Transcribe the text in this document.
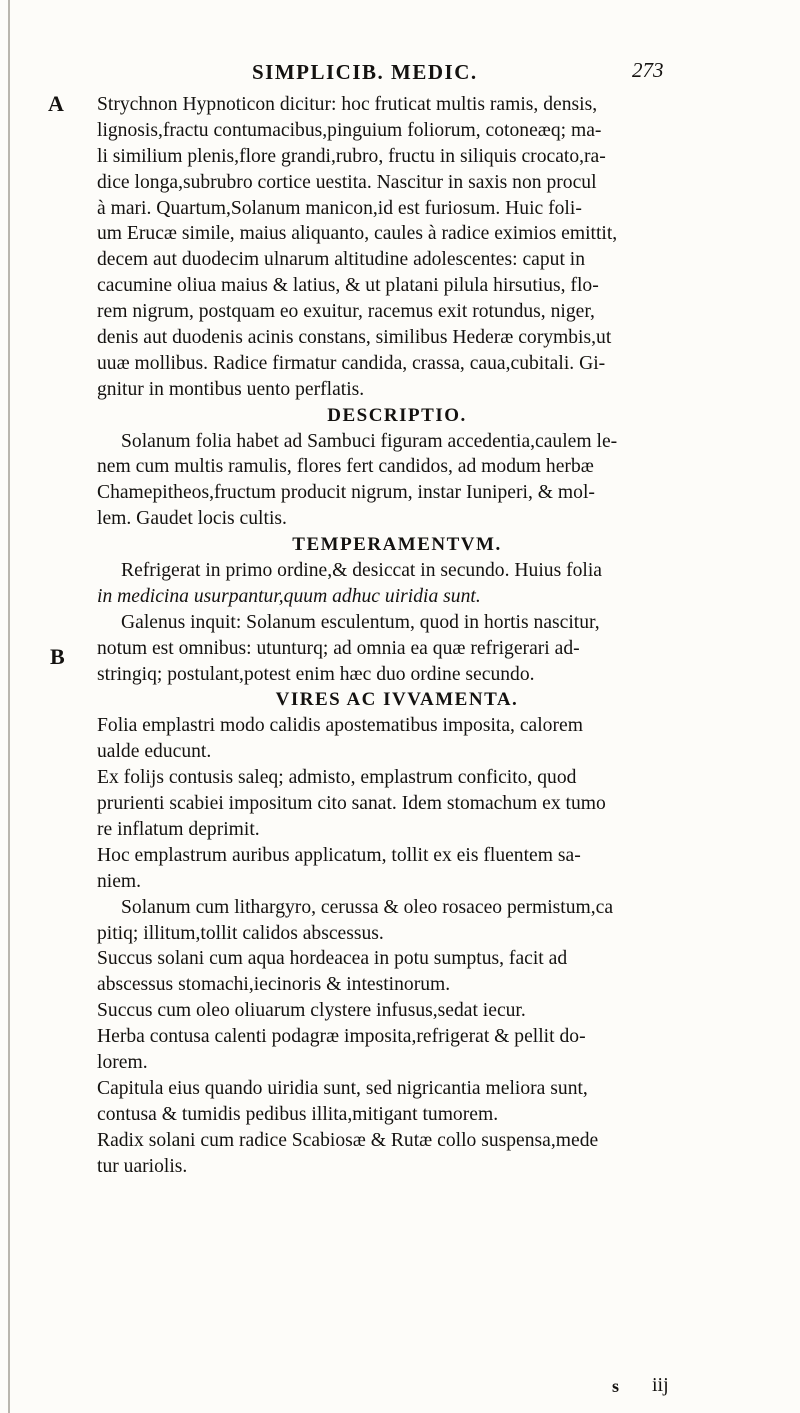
SIMPLICIB. MEDIC.	273
A
B
Strychnon Hypnoticon dicitur: hoc fruticat multis ramis, densis,
lignosis,fractu contumacibus,pinguium foliorum, cotoneæq; ma-
li similium plenis,flore grandi,rubro, fructu in siliquis crocato,ra-
dice longa,subrubro cortice uestita. Nascitur in saxis non procul
à mari. Quartum,Solanum manicon,id est furiosum. Huic foli-
um Erucæ simile, maius aliquanto, caules à radice eximios emittit,
decem aut duodecim ulnarum altitudine adolescentes: caput in
cacumine oliua maius & latius, & ut platani pilula hirsutius, flo-
rem nigrum, postquam eo exuitur, racemus exit rotundus, niger,
denis aut duodenis acinis constans, similibus Hederæ corymbis,ut
uuæ mollibus. Radice firmatur candida, crassa, caua,cubitali. Gi-
gnitur in montibus uento perflatis.
DESCRIPTIO.
Solanum folia habet ad Sambuci figuram accedentia,caulem le-
nem cum multis ramulis, flores fert candidos, ad modum herbæ
Chamepitheos,fructum producit nigrum, instar Iuniperi, & mol-
lem. Gaudet locis cultis.
TEMPERAMENTVM.
Refrigerat in primo ordine,& desiccat in secundo. Huius folia
in medicina usurpantur,quum adhuc uiridia sunt.
Galenus inquit: Solanum esculentum, quod in hortis nascitur,
notum est omnibus: utunturq; ad omnia ea quæ refrigerari ad-
stringiq; postulant,potest enim hæc duo ordine secundo.
VIRES AC IVVAMENTA.
Folia emplastri modo calidis apostematibus imposita, calorem
ualde educunt.
Ex folijs contusis saleq; admisto, emplastrum conficito, quod
prurienti scabiei impositum cito sanat. Idem stomachum ex tumo
re inflatum deprimit.
Hoc emplastrum auribus applicatum, tollit ex eis fluentem sa-
niem.
Solanum cum lithargyro, cerussa & oleo rosaceo permistum,ca
pitiq; illitum,tollit calidos abscessus.
Succus solani cum aqua hordeacea in potu sumptus, facit ad
abscessus stomachi,iecinoris & intestinorum.
Succus cum oleo oliuarum clystere infusus,sedat iecur.
Herba contusa calenti podagræ imposita,refrigerat & pellit do-
lorem.
Capitula eius quando uiridia sunt, sed nigricantia meliora sunt,
contusa & tumidis pedibus illita,mitigant tumorem.
Radix solani cum radice Scabiosæ & Rutæ collo suspensa,mede
tur uariolis.
s iij
